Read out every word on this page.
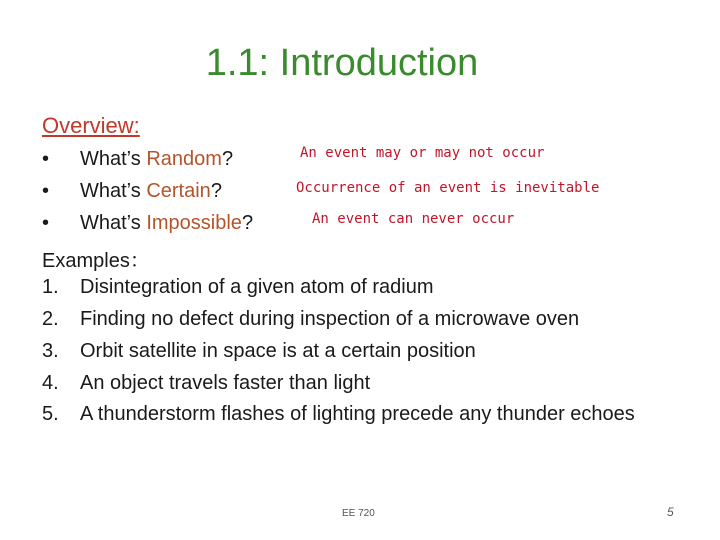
1.1: Introduction
Overview:
• What’s Random?	An event may or may not occur
• What’s Certain?	Occurrence of an event is inevitable
• What’s Impossible?	An event can never occur
Examples：
1. Disintegration of a given atom of radium
2. Finding no defect during inspection of a microwave oven
3. Orbit satellite in space is at a certain position
4. An object travels faster than light
5. A thunderstorm flashes of lighting precede any thunder echoes
EE 720	5
